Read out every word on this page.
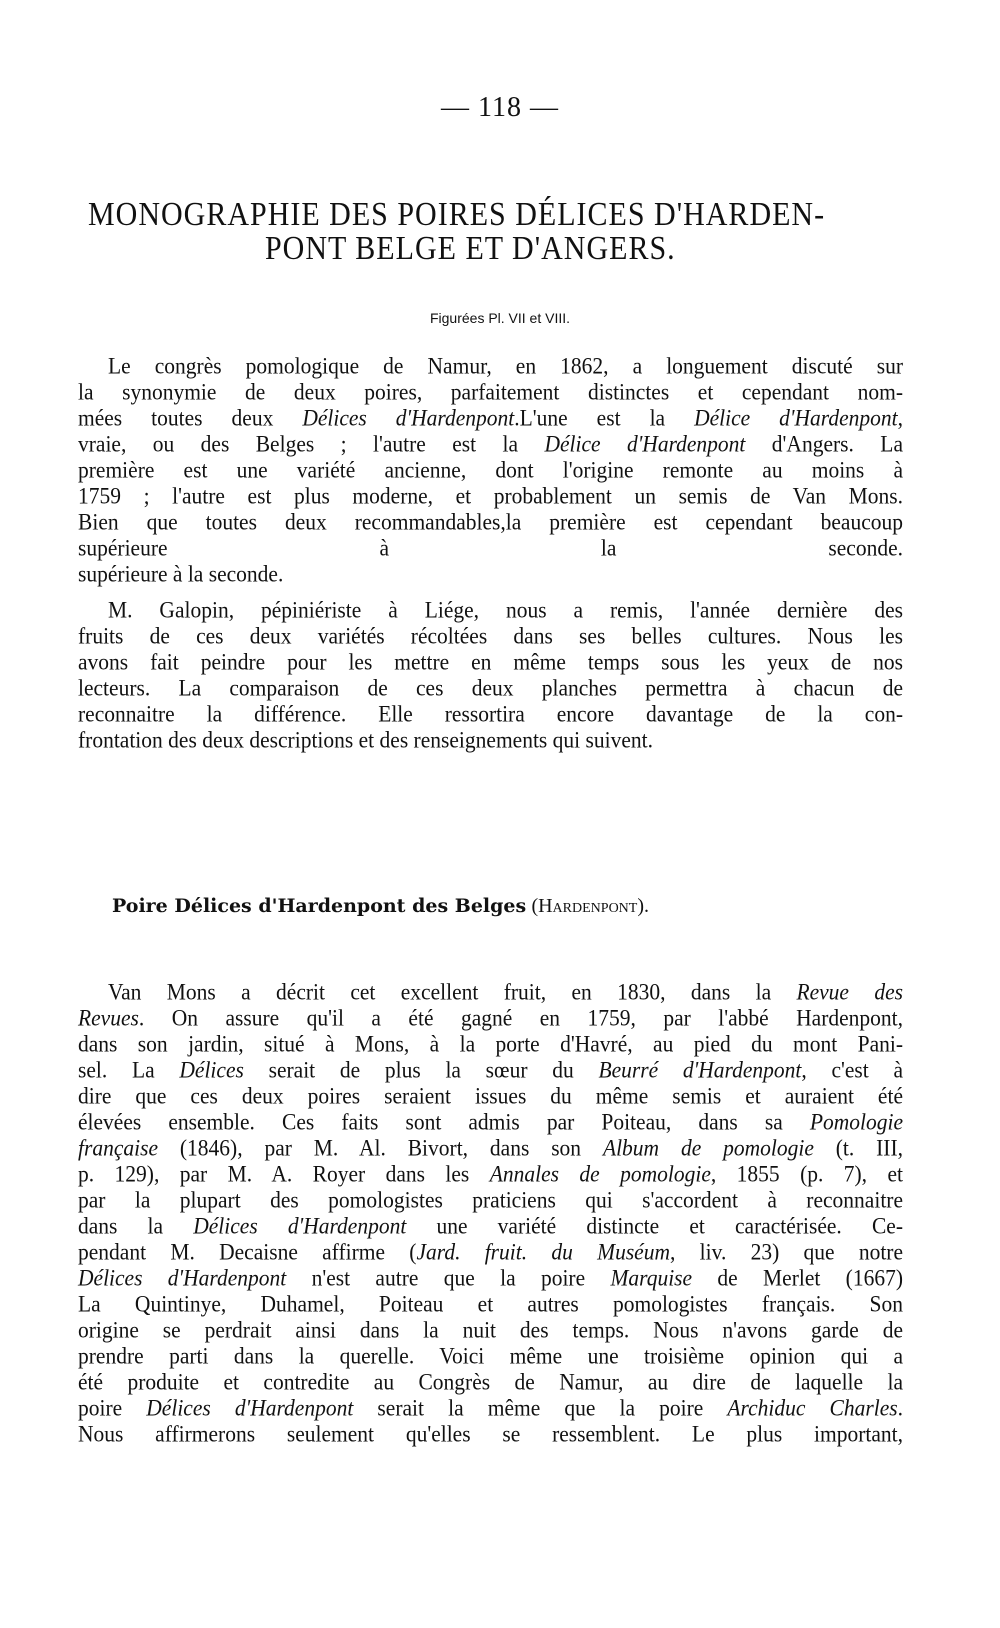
— 118 —
MONOGRAPHIE DES POIRES DÉLICES D'HARDEN-
PONT BELGE ET D'ANGERS.
Figurées Pl. VII et VIII.
Le congrès pomologique de Namur, en 1862, a longuement discuté sur
la synonymie de deux poires, parfaitement distinctes et cependant nom-
mées toutes deux Délices d'Hardenpont.L'une est la Délice d'Hardenpont,
vraie, ou des Belges ; l'autre est la Délice d'Hardenpont d'Angers. La
première est une variété ancienne, dont l'origine remonte au moins à
1759 ; l'autre est plus moderne, et probablement un semis de Van Mons.
Bien que toutes deux recommandables,la première est cependant beaucoup
supérieure à la seconde.
supérieure à la seconde.
M. Galopin, pépiniériste à Liége, nous a remis, l'année dernière des
fruits de ces deux variétés récoltées dans ses belles cultures. Nous les
avons fait peindre pour les mettre en même temps sous les yeux de nos
lecteurs. La comparaison de ces deux planches permettra à chacun de
reconnaitre la différence. Elle ressortira encore davantage de la con-
frontation des deux descriptions et des renseignements qui suivent.
Poire Délices d'Hardenpont des Belges (Hardenpont).
Van Mons a décrit cet excellent fruit, en 1830, dans la Revue des
Revues. On assure qu'il a été gagné en 1759, par l'abbé Hardenpont,
dans son jardin, situé à Mons, à la porte d'Havré, au pied du mont Pani-
sel. La Délices serait de plus la sœur du Beurré d'Hardenpont, c'est à
dire que ces deux poires seraient issues du même semis et auraient été
élevées ensemble. Ces faits sont admis par Poiteau, dans sa Pomologie
française (1846), par M. Al. Bivort, dans son Album de pomologie (t. III,
p. 129), par M. A. Royer dans les Annales de pomologie, 1855 (p. 7), et
par la plupart des pomologistes praticiens qui s'accordent à reconnaitre
dans la Délices d'Hardenpont une variété distincte et caractérisée. Ce-
pendant M. Decaisne affirme (Jard. fruit. du Muséum, liv. 23) que notre
Délices d'Hardenpont n'est autre que la poire Marquise de Merlet (1667)
La Quintinye, Duhamel, Poiteau et autres pomologistes français. Son
origine se perdrait ainsi dans la nuit des temps. Nous n'avons garde de
prendre parti dans la querelle. Voici même une troisième opinion qui a
été produite et contredite au Congrès de Namur, au dire de laquelle la
poire Délices d'Hardenpont serait la même que la poire Archiduc Charles.
Nous affirmerons seulement qu'elles se ressemblent. Le plus important,
